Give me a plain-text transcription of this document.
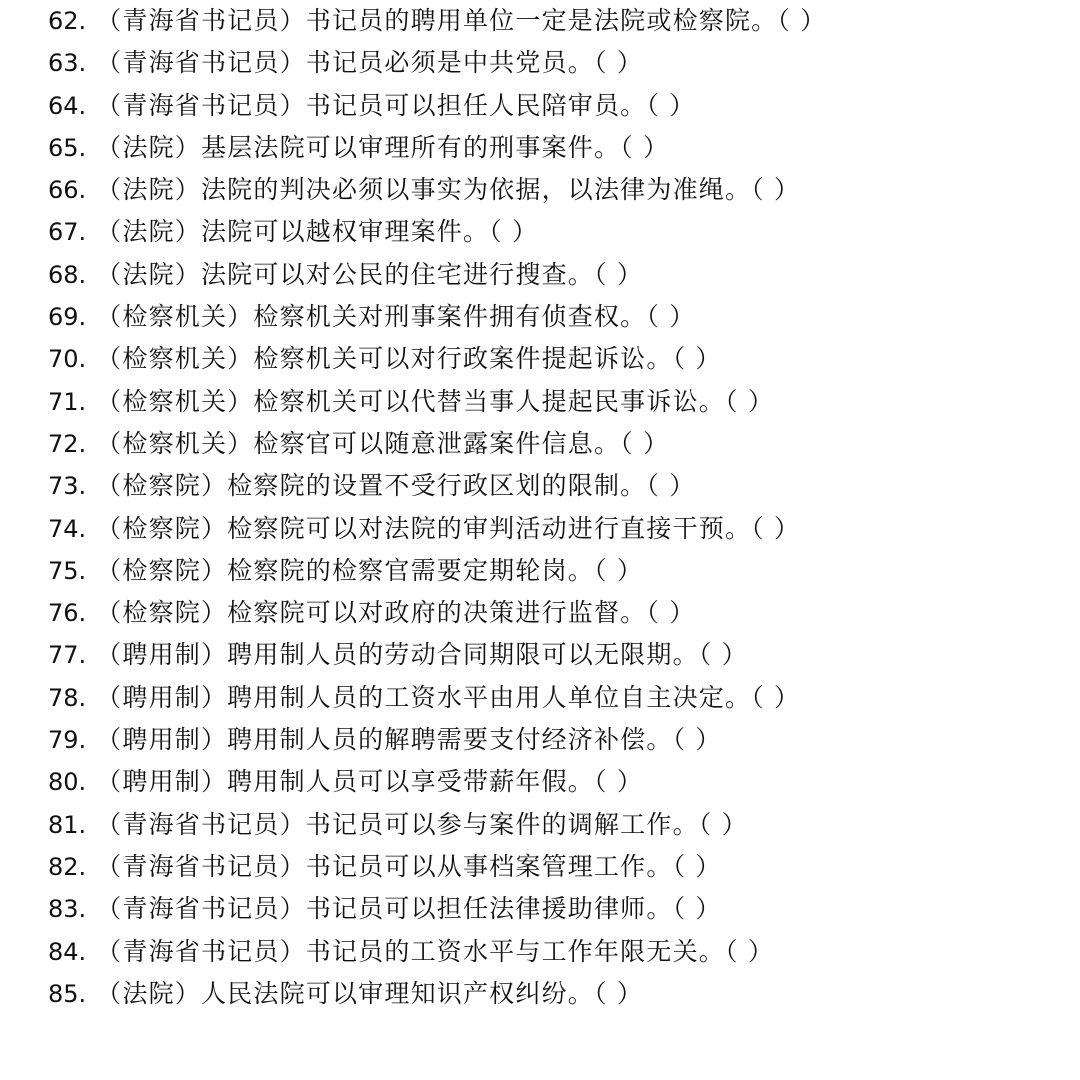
62. （青海省书记员）书记员的聘用单位一定是法院或检察院。（ ）
63. （青海省书记员）书记员必须是中共党员。（ ）
64. （青海省书记员）书记员可以担任人民陪审员。（ ）
65. （法院）基层法院可以审理所有的刑事案件。（ ）
66. （法院）法院的判决必须以事实为依据，以法律为准绳。（ ）
67. （法院）法院可以越权审理案件。（ ）
68. （法院）法院可以对公民的住宅进行搜查。（ ）
69. （检察机关）检察机关对刑事案件拥有侦查权。（ ）
70. （检察机关）检察机关可以对行政案件提起诉讼。（ ）
71. （检察机关）检察机关可以代替当事人提起民事诉讼。（ ）
72. （检察机关）检察官可以随意泄露案件信息。（ ）
73. （检察院）检察院的设置不受行政区划的限制。（ ）
74. （检察院）检察院可以对法院的审判活动进行直接干预。（ ）
75. （检察院）检察院的检察官需要定期轮岗。（ ）
76. （检察院）检察院可以对政府的决策进行监督。（ ）
77. （聘用制）聘用制人员的劳动合同期限可以无限期。（ ）
78. （聘用制）聘用制人员的工资水平由用人单位自主决定。（ ）
79. （聘用制）聘用制人员的解聘需要支付经济补偿。（ ）
80. （聘用制）聘用制人员可以享受带薪年假。（ ）
81. （青海省书记员）书记员可以参与案件的调解工作。（ ）
82. （青海省书记员）书记员可以从事档案管理工作。（ ）
83. （青海省书记员）书记员可以担任法律援助律师。（ ）
84. （青海省书记员）书记员的工资水平与工作年限无关。（ ）
85. （法院）人民法院可以审理知识产权纠纷。（ ）
